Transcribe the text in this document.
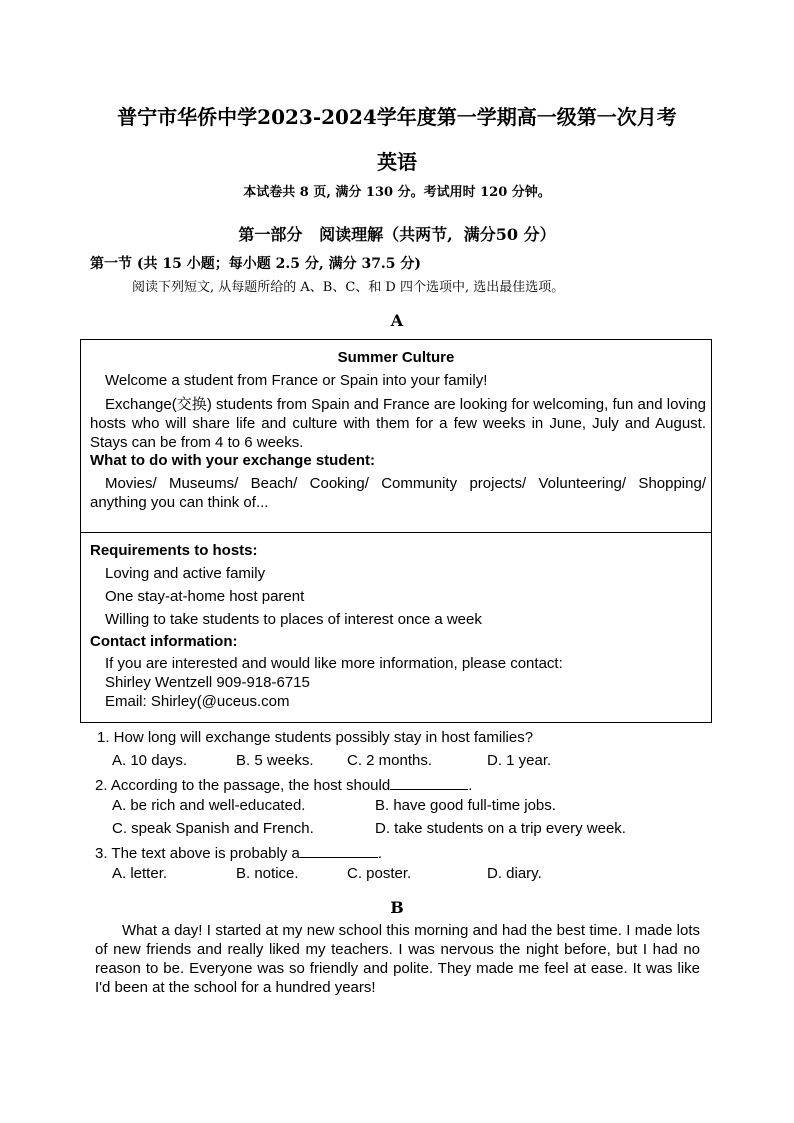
普宁市华侨中学2023-2024学年度第一学期高一级第一次月考
英语
本试卷共 8 页, 满分 130 分。考试用时 120 分钟。
第一部分   阅读理解（共两节,  满分50 分）
第一节 (共 15 小题；每小题 2.5 分, 满分 37.5 分)
阅读下列短文, 从每题所给的 A、B、C、和 D 四个选项中, 选出最佳选项。
A
Summer Culture
Welcome a student from France or Spain into your family!
Exchange(交换) students from Spain and France are looking for welcoming, fun and loving hosts who will share life and culture with them for a few weeks in June, July and August. Stays can be from 4 to 6 weeks.
What to do with your exchange student:
Movies/ Museums/ Beach/ Cooking/ Community projects/ Volunteering/ Shopping/ anything you can think of...
Requirements to hosts:
Loving and active family
One stay-at-home host parent
Willing to take students to places of interest once a week
Contact information:
If you are interested and would like more information, please contact:
Shirley Wentzell 909-918-6715
Email: Shirley(@uceus.com
1. How long will exchange students possibly stay in host families?
A. 10 days.	B. 5 weeks. C. 2 months.	D. 1 year.
2. According to the passage, the host should	.
A. be rich and well-educated.	B. have good full-time jobs.
C. speak Spanish and French.	D. take students on a trip every week.
3. The text above is probably a	.
A. letter.	B. notice.	C. poster.	D. diary.
B
What a day! I started at my new school this morning and had the best time. I made lots of new friends and really liked my teachers. I was nervous the night before, but I had no reason to be. Everyone was so friendly and polite. They made me feel at ease. It was like I'd been at the school for a hundred years!
